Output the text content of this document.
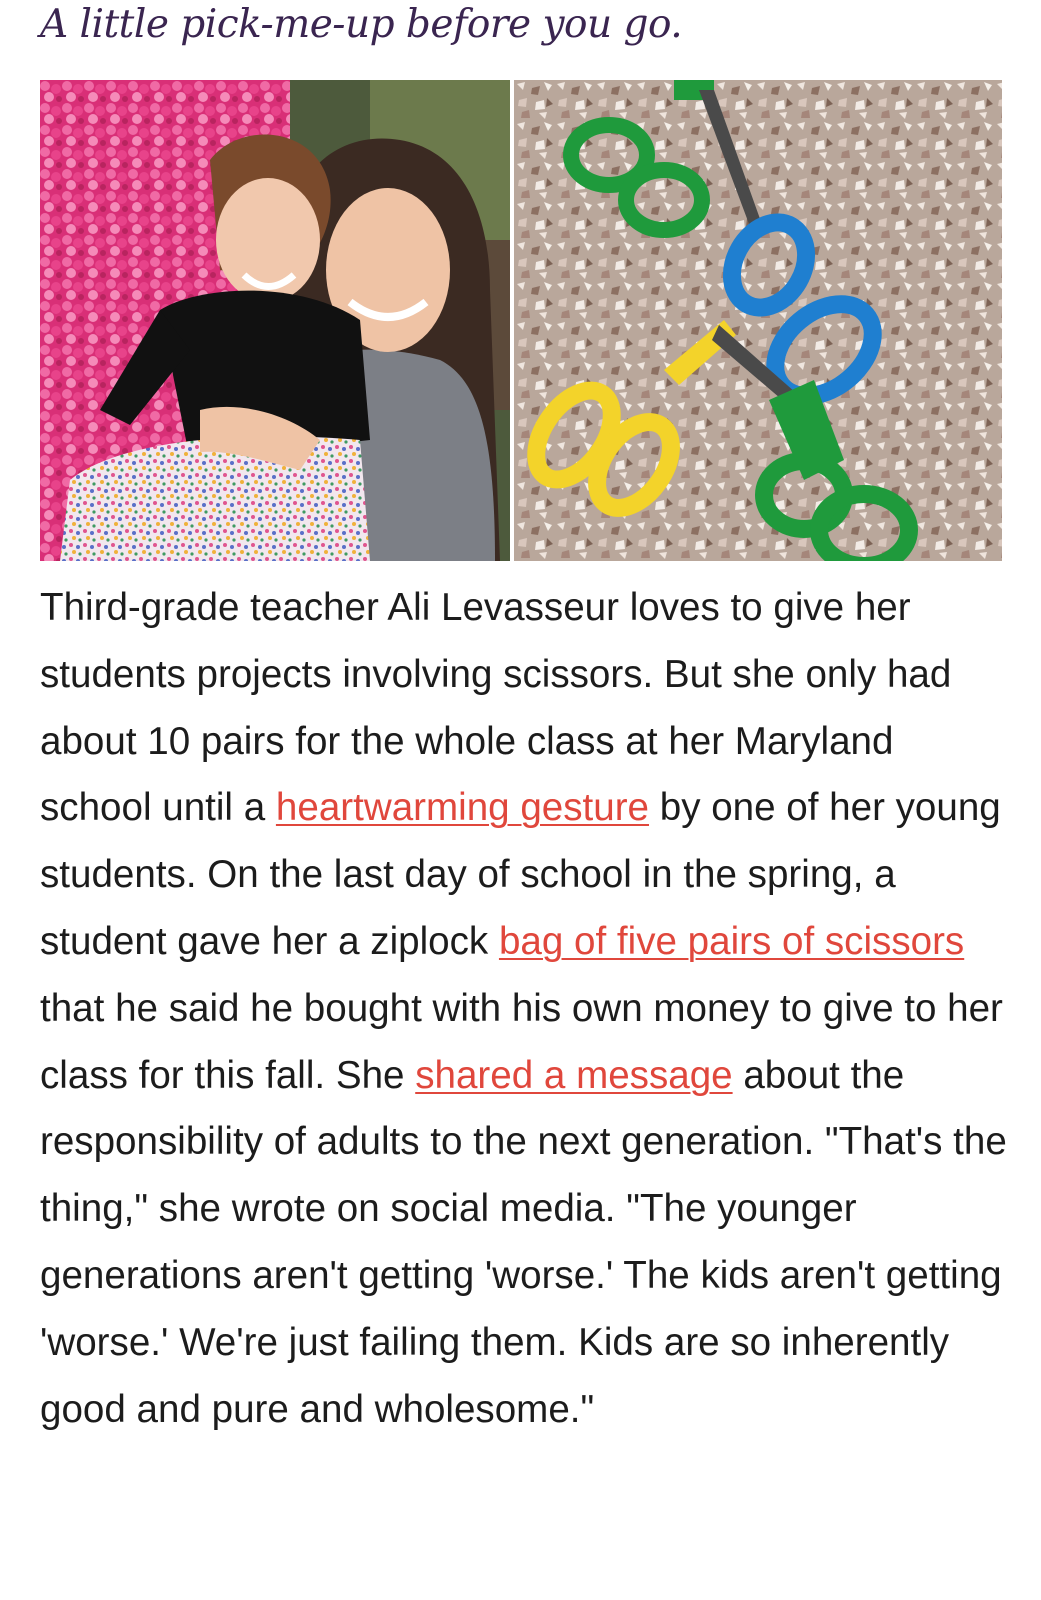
A little pick-me-up before you go.

Third-grade teacher Ali Levasseur loves to give her students projects involving scissors. But she only had about 10 pairs for the whole class at her Maryland school until a heartwarming gesture by one of her young students. On the last day of school in the spring, a student gave her a ziplock bag of five pairs of scissors that he said he bought with his own money to give to her class for this fall. She shared a message about the responsibility of adults to the next generation. "That's the thing," she wrote on social media. "The younger generations aren't getting 'worse.' The kids aren't getting 'worse.' We're just failing them. Kids are so inherently good and pure and wholesome."
